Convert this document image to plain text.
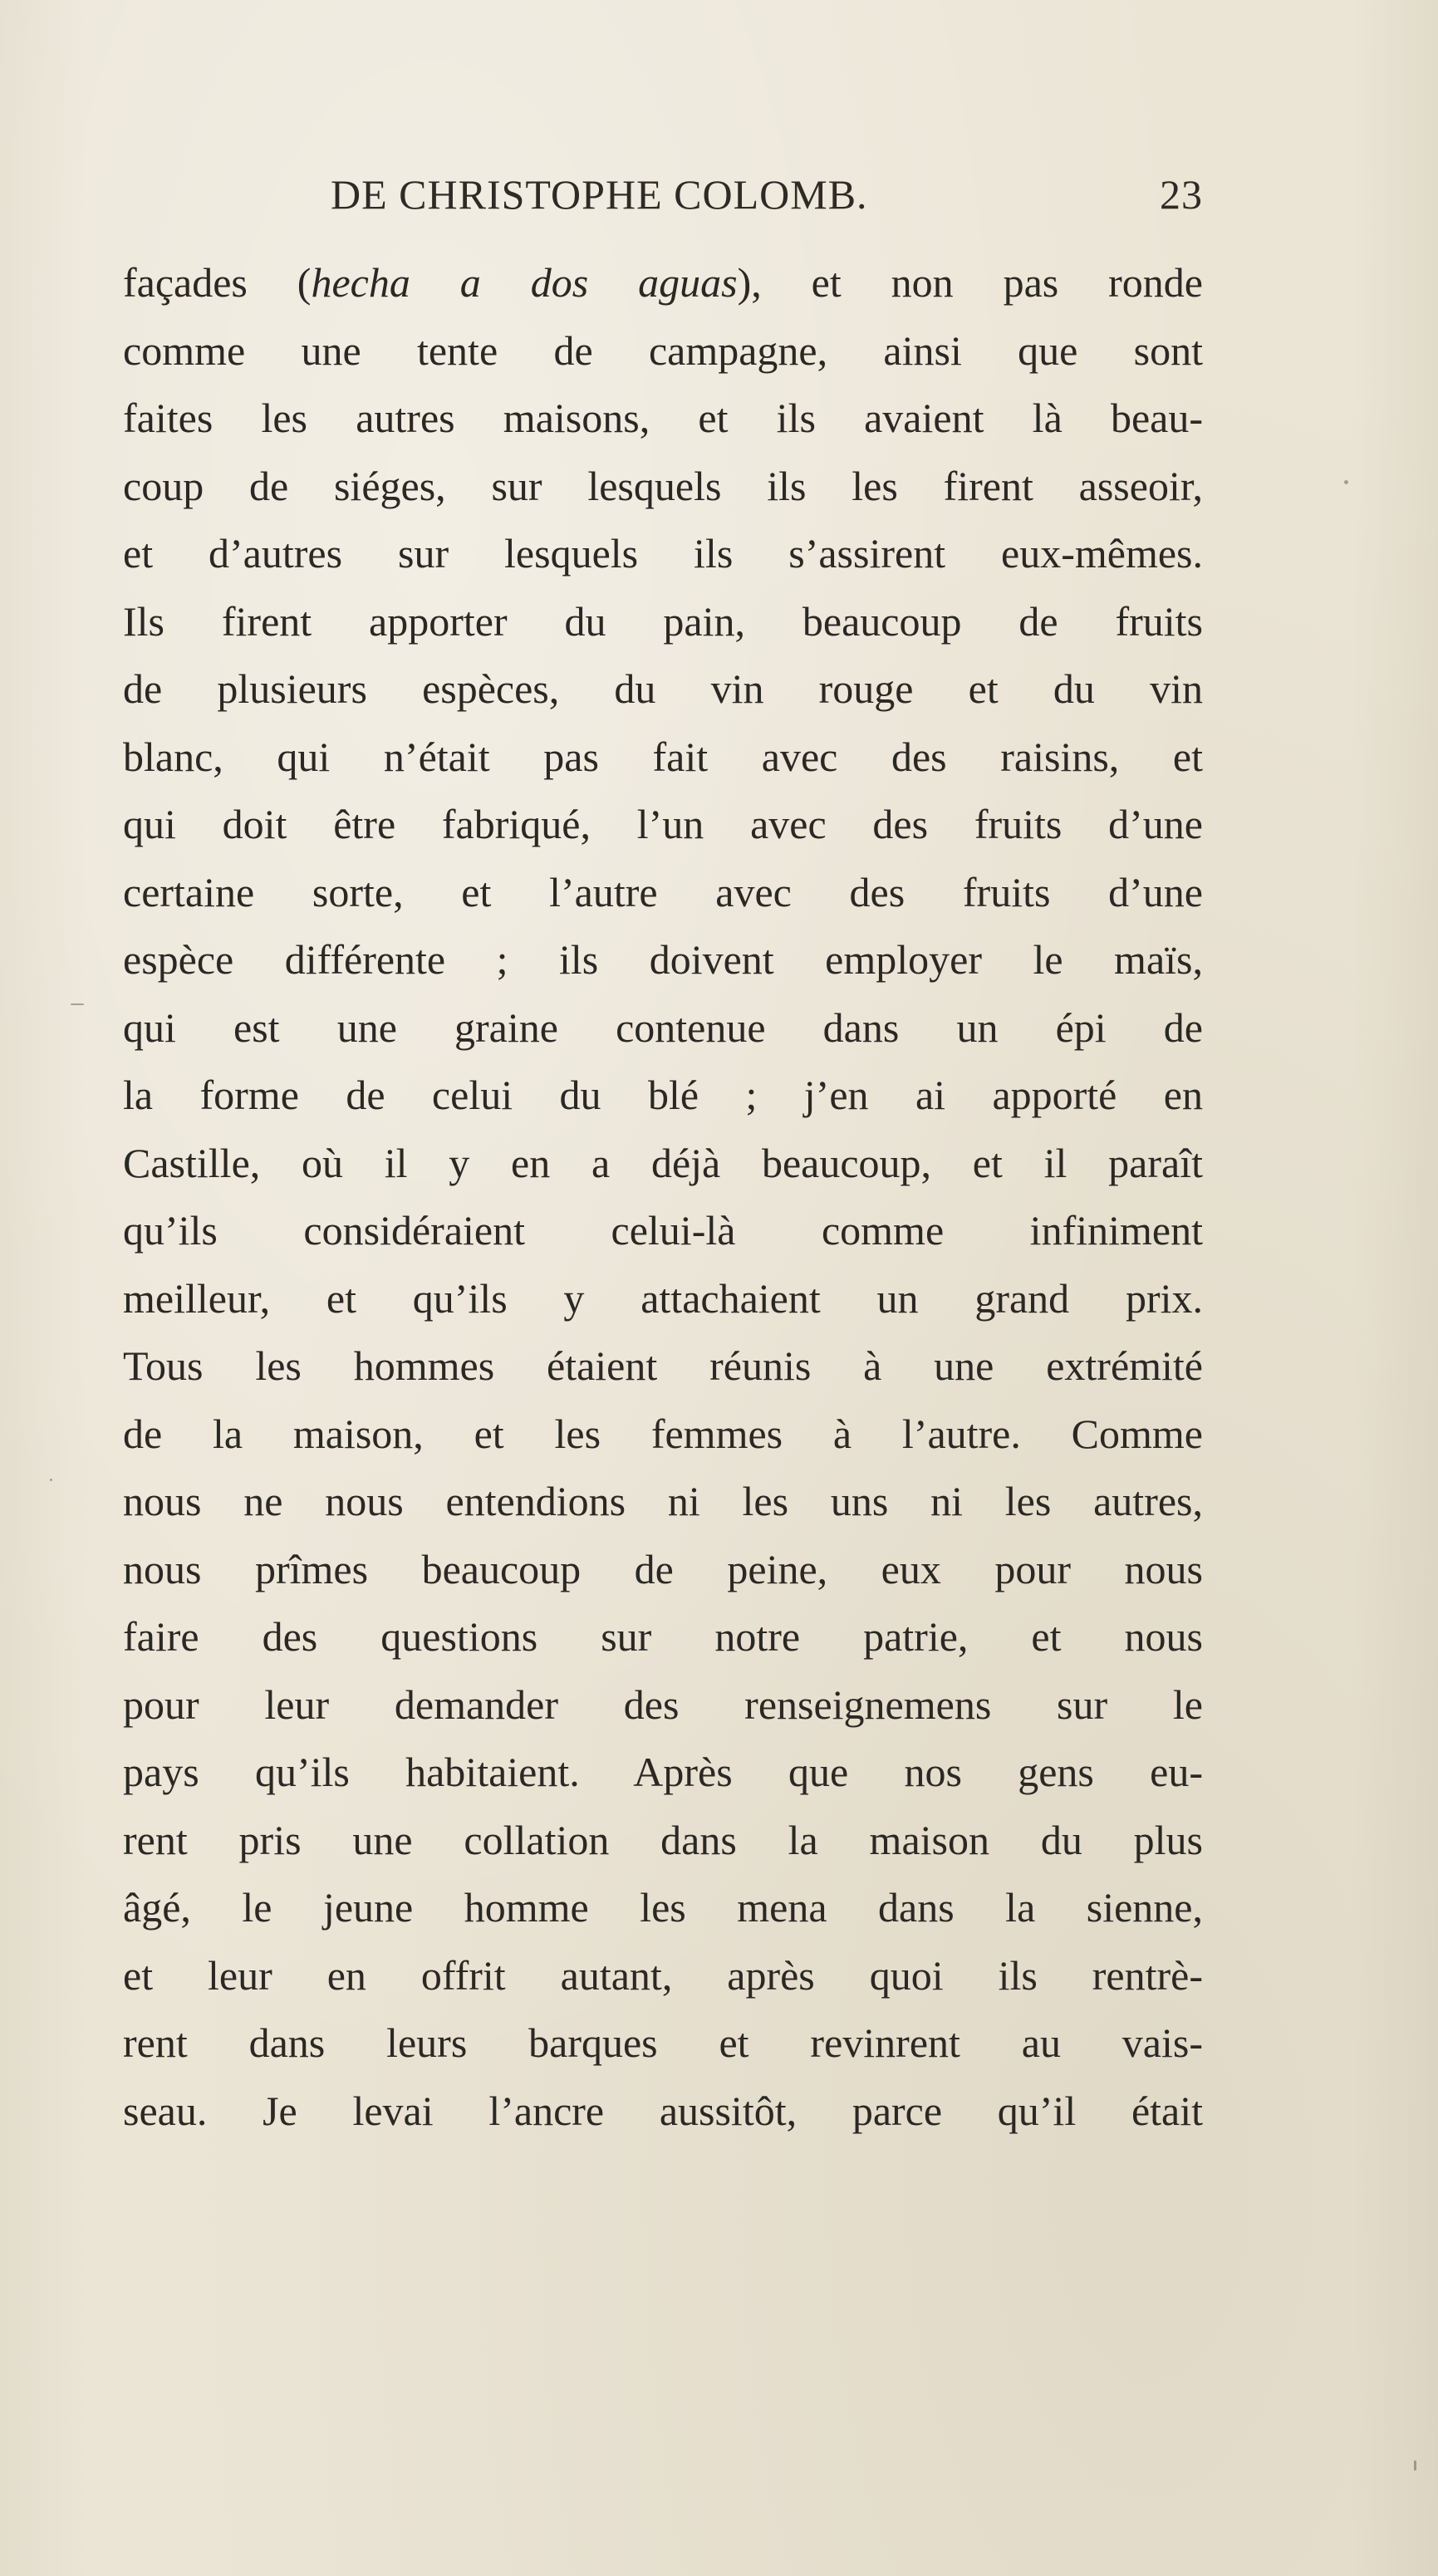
DE CHRISTOPHE COLOMB.	23
façades (hecha a dos aguas), et non pas ronde
comme une tente de campagne, ainsi que sont
faites les autres maisons, et ils avaient là beau-
coup de siéges, sur lesquels ils les firent asseoir,
et d’autres sur lesquels ils s’assirent eux-mêmes.
Ils firent apporter du pain, beaucoup de fruits
de plusieurs espèces, du vin rouge et du vin
blanc, qui n’était pas fait avec des raisins, et
qui doit être fabriqué, l’un avec des fruits d’une
certaine sorte, et l’autre avec des fruits d’une
espèce différente ; ils doivent employer le maïs,
qui est une graine contenue dans un épi de
la forme de celui du blé ; j’en ai apporté en
Castille, où il y en a déjà beaucoup, et il paraît
qu’ils considéraient celui-là comme infiniment
meilleur, et qu’ils y attachaient un grand prix.
Tous les hommes étaient réunis à une extrémité
de la maison, et les femmes à l’autre. Comme
nous ne nous entendions ni les uns ni les autres,
nous prîmes beaucoup de peine, eux pour nous
faire des questions sur notre patrie, et nous
pour leur demander des renseignemens sur le
pays qu’ils habitaient. Après que nos gens eu-
rent pris une collation dans la maison du plus
âgé, le jeune homme les mena dans la sienne,
et leur en offrit autant, après quoi ils rentrè-
rent dans leurs barques et revinrent au vais-
seau. Je levai l’ancre aussitôt, parce qu’il était
